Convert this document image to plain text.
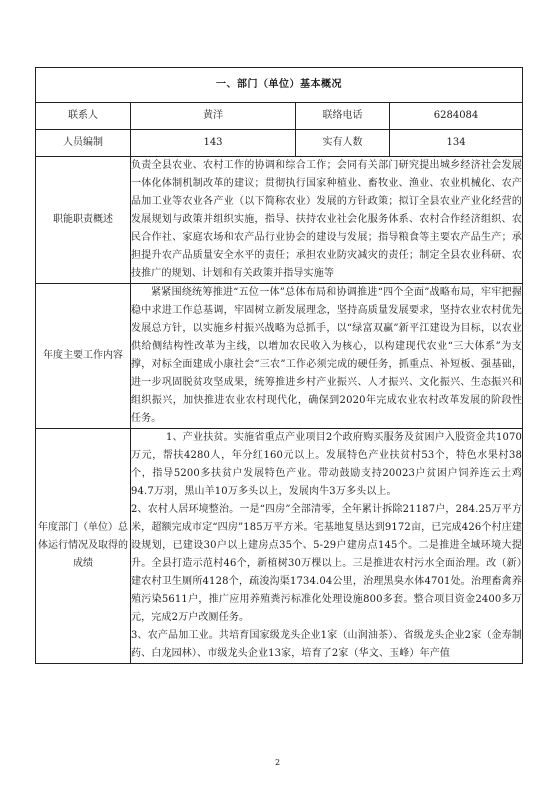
一、部门（单位）基本概况			
联系人	黄洋	联络电话	6284084
人员编制	143	实有人数	134
职能职责概述	负责全县农业、农村工作的协调和综合工作；会同有关部门研究提出城乡经济社会发展一体化体制机制改革的建议；贯彻执行国家种植业、畜牧业、渔业、农业机械化、农产品加工业等农业各产业（以下简称农业）发展的方针政策；拟订全县农业产业化经营的发展规划与政策并组织实施，指导、扶持农业社会化服务体系、农村合作经济组织、农民合作社、家庭农场和农产品行业协会的建设与发展；指导粮食等主要农产品生产；承担提升农产品质量安全水平的责任；承担农业防灾减灾的责任；制定全县农业科研、农技推广的规划、计划和有关政策并指导实施等		

年度主要工作内容	紧紧围绕统筹推进“五位一体”总体布局和协调推进“四个全面”战略布局，牢牢把握稳中求进工作总基调，牢固树立新发展理念，坚持高质量发展要求，坚持农业农村优先发展总方针，以实施乡村振兴战略为总抓手，以“绿富双赢”新平江建设为目标，以农业供给侧结构性改革为主线，以增加农民收入为核心，以构建现代农业“三大体系”为支撑，对标全面建成小康社会“三农”工作必须完成的硬任务，抓重点、补短板、强基础，进一步巩固脱贫攻坚成果，统筹推进乡村产业振兴、人才振兴、文化振兴、生态振兴和组织振兴，加快推进农业农村现代化，确保到2020年完成农业农村改革发展的阶段性任务。		

年度部门（单位）总体运行情况及取得的成绩	1、产业扶贫。实施省重点产业项目2个政府购买服务及贫困户入股资金共1070万元，帮扶4280人，年分红160元以上。发展特色产业扶贫村53个，特色水果村38个，指导5200多扶贫户发展特色产业。带动鼓励支持20023户贫困户饲养连云土鸡94.7万羽，黑山羊10万多头以上，发展肉牛3万多头以上。

2、农村人居环境整治。一是“四房”全部清零，全年累计拆除21187户，284.25万平方米，超额完成市定“四房”185万平方米。宅基地复垦达到9172亩，已完成426个村庄建设规划，已建设30户以上建房点35个、5-29户建房点145个。二是推进全域环境大提升。全县打造示范村46个，新植树30万棵以上。三是推进农村污水全面治理。改（新）建农村卫生厕所4128个，疏浚沟渠1734.04公里，治理黑臭水体4701处。治理畜禽养殖污染5611户，推广应用养殖粪污标准化处理设施800多套。整合项目资金2400多万元，完成2万户改厕任务。

3、农产品加工业。共培育国家级龙头企业1家（山润油茶）、省级龙头企业2家（金寿制药、白龙园林）、市级龙头企业13家，培育了2家（华文、玉峰）年产值		

2
